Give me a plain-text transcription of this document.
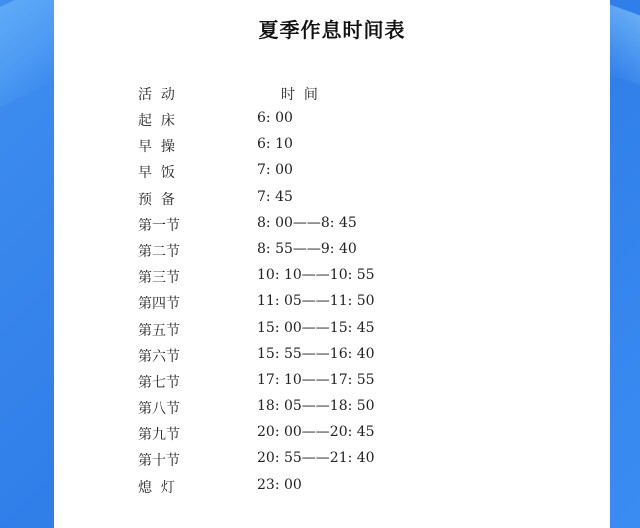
夏季作息时间表
活  动	时  间
起  床	6: 00
早  操	6: 10
早  饭	7: 00
预  备	7: 45
第一节	8: 00——8: 45
第二节	8: 55——9: 40
第三节	10: 10——10: 55
第四节	11: 05——11: 50
第五节	15: 00——15: 45
第六节	15: 55——16: 40
第七节	17: 10——17: 55
第八节	18: 05——18: 50
第九节	20: 00——20: 45
第十节	20: 55——21: 40
熄  灯	23: 00
